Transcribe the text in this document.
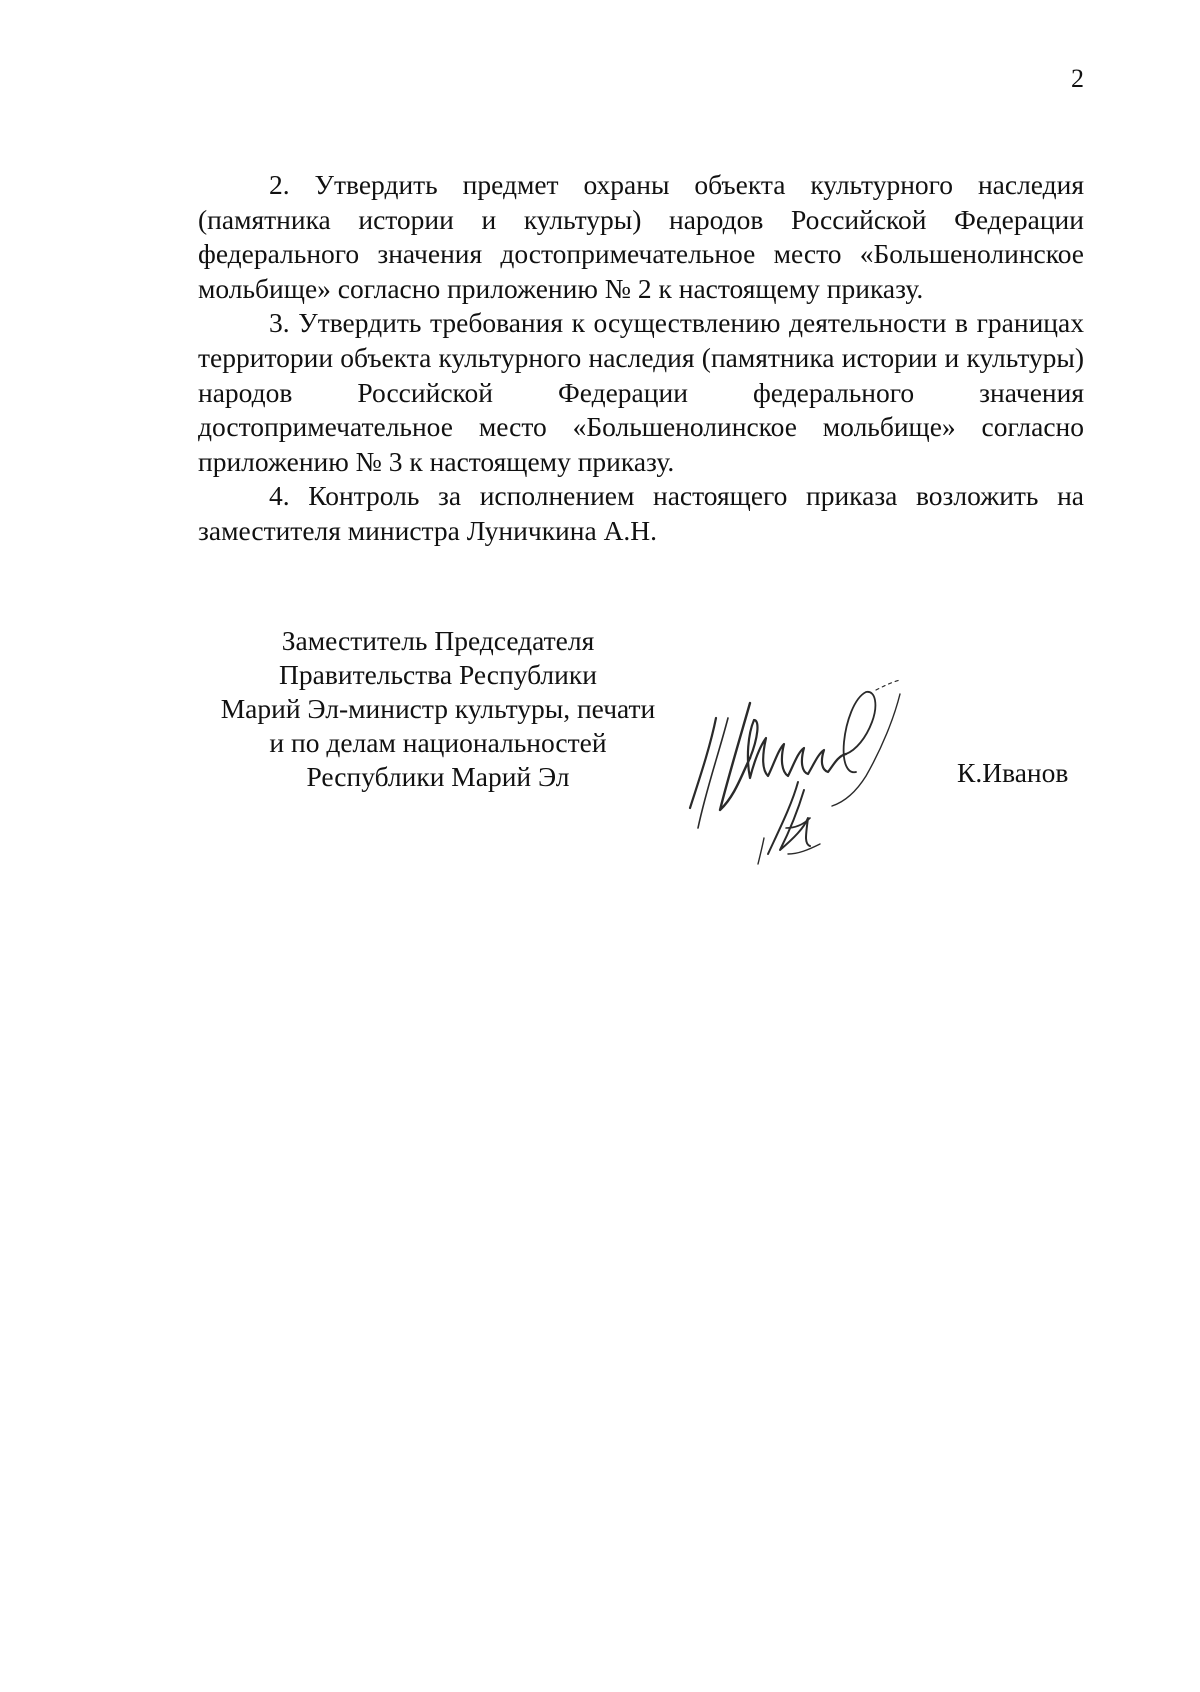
2

2. Утвердить предмет охраны объекта культурного наследия (памятника истории и культуры) народов Российской Федерации федерального значения достопримечательное место «Большенолинское мольбище» согласно приложению № 2 к настоящему приказу.

3. Утвердить требования к осуществлению деятельности в границах территории объекта культурного наследия (памятника истории и культуры) народов Российской Федерации федерального значения достопримечательное место «Большенолинское мольбище» согласно приложению № 3 к настоящему приказу.

4. Контроль за исполнением настоящего приказа возложить на заместителя министра Луничкина А.Н.

Заместитель Председателя
Правительства Республики
Марий Эл-министр культуры, печати
и по делам национальностей
Республики Марий Эл	К.Иванов
